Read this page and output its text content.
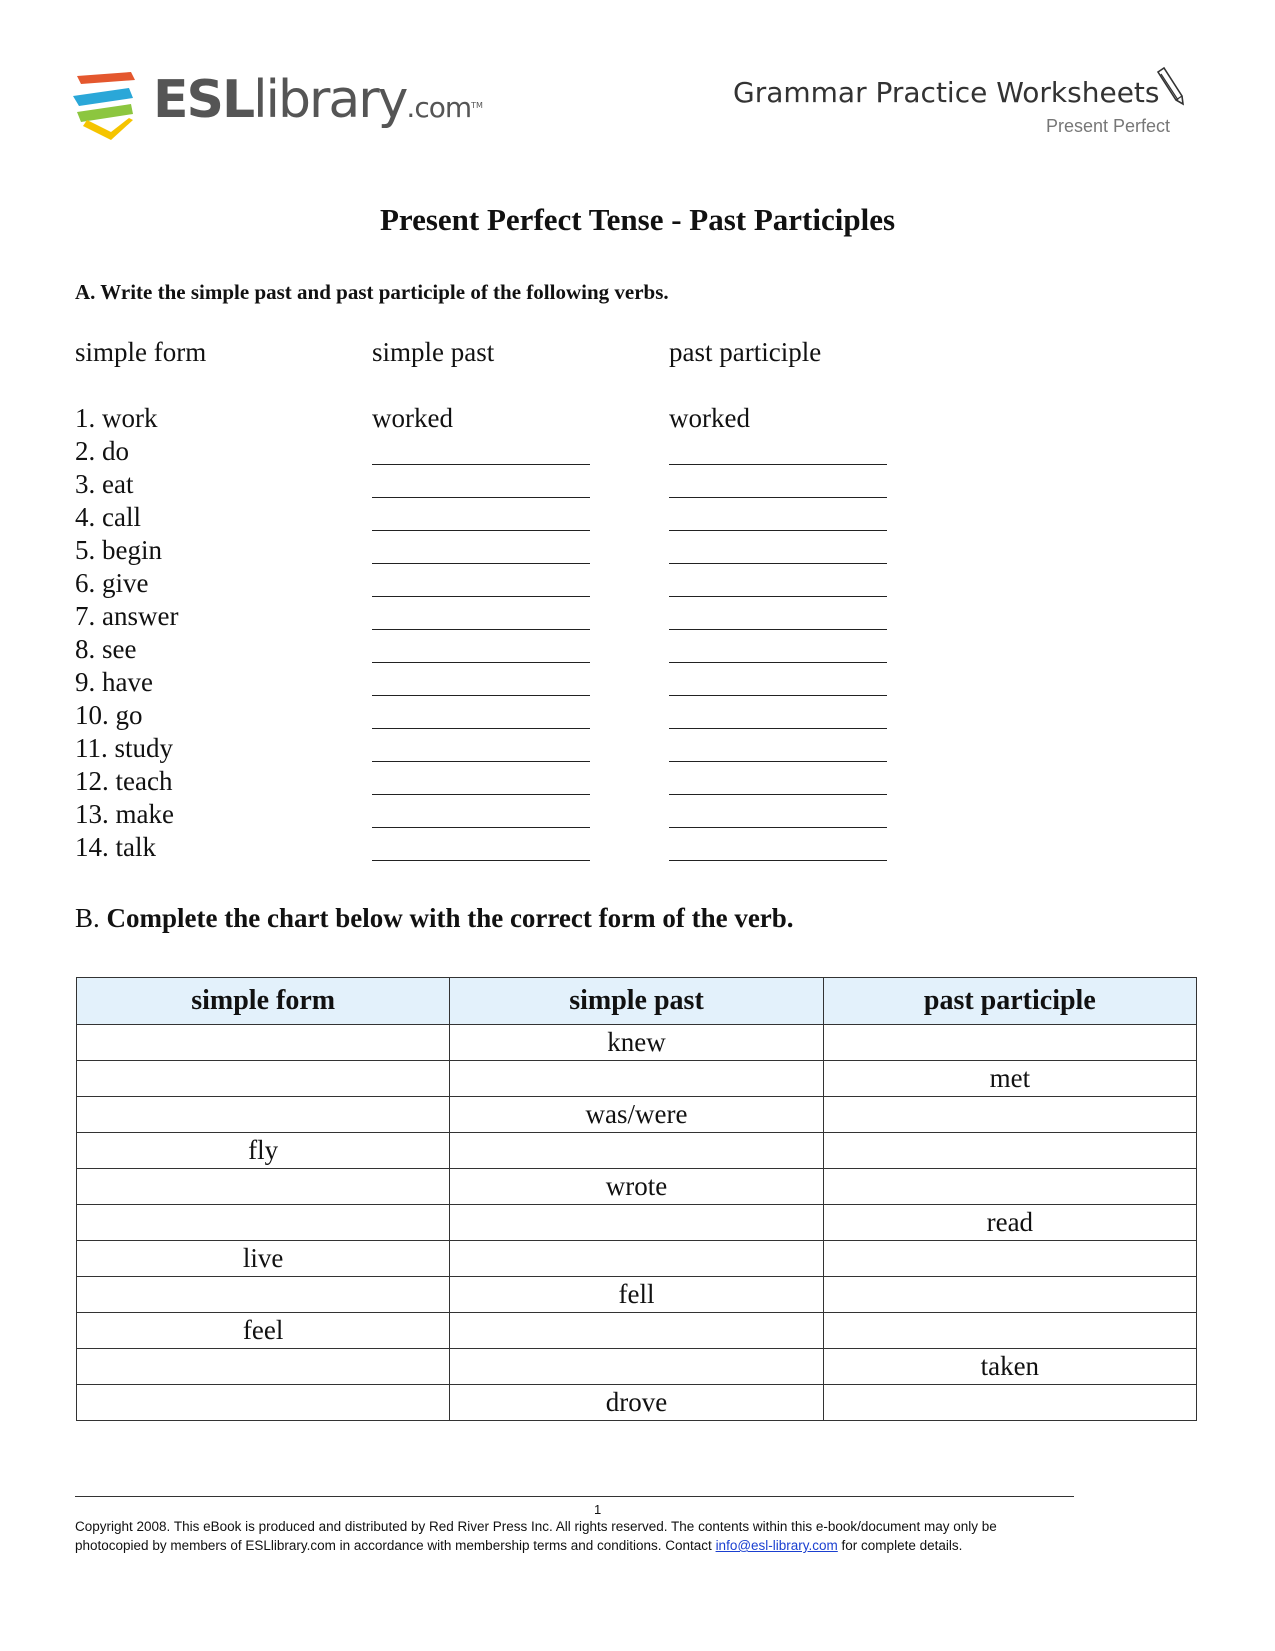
ESLlibrary.com™	Grammar Practice Worksheets
Present Perfect
Present Perfect Tense - Past Participles
A. Write the simple past and past participle of the following verbs.
simple form	simple past	past participle
1. work	worked	worked
2. do
3. eat
4. call
5. begin
6. give
7. answer
8. see
9. have
10. go
11. study
12. teach
13. make
14. talk
B. Complete the chart below with the correct form of the verb.
simple form	simple past	past participle
	knew	
		met
	was/were	
fly		
	wrote	
		read
live		
	fell	
feel		
		taken
	drove	
1
Copyright 2008. This eBook is produced and distributed by Red River Press Inc. All rights reserved. The contents within this e-book/document may only be
photocopied by members of ESLlibrary.com in accordance with membership terms and conditions. Contact info@esl-library.com for complete details.
